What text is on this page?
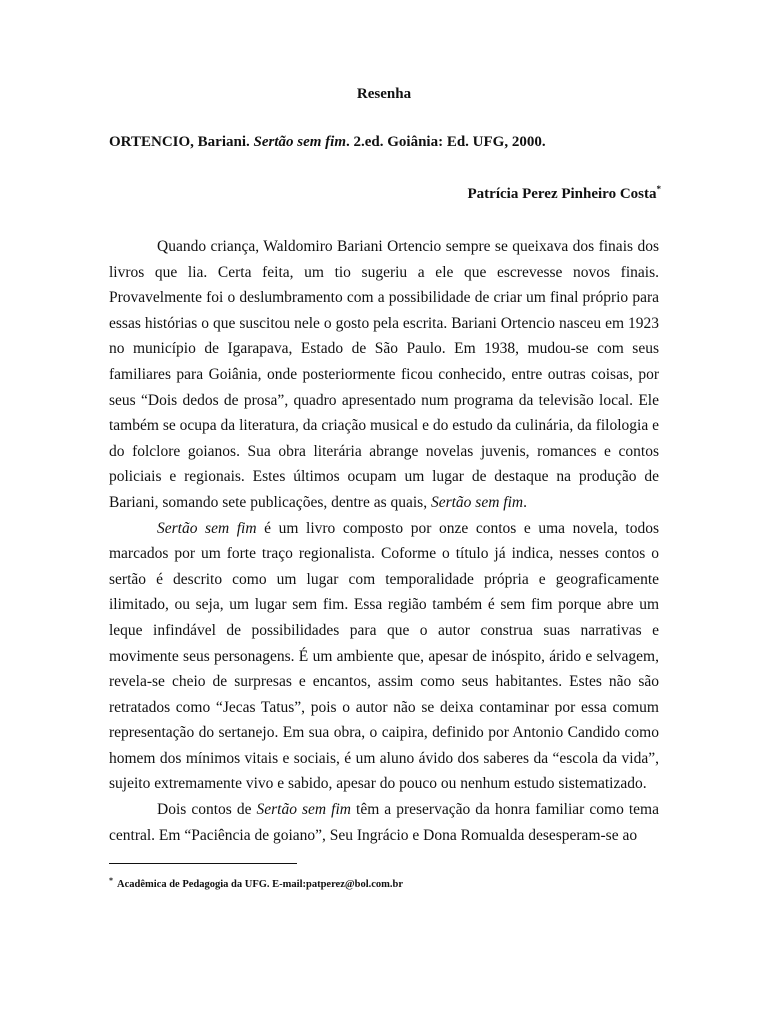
Resenha
ORTENCIO, Bariani. Sertão sem fim. 2.ed. Goiânia: Ed. UFG, 2000.
Patrícia Perez Pinheiro Costa*

Quando criança, Waldomiro Bariani Ortencio sempre se queixava dos finais dos livros que lia. Certa feita, um tio sugeriu a ele que escrevesse novos finais. Provavelmente foi o deslumbramento com a possibilidade de criar um final próprio para essas histórias o que suscitou nele o gosto pela escrita. Bariani Ortencio nasceu em 1923 no município de Igarapava, Estado de São Paulo. Em 1938, mudou-se com seus familiares para Goiânia, onde posteriormente ficou conhecido, entre outras coisas, por seus “Dois dedos de prosa”, quadro apresentado num programa da televisão local. Ele também se ocupa da literatura, da criação musical e do estudo da culinária, da filologia e do folclore goianos. Sua obra literária abrange novelas juvenis, romances e contos policiais e regionais. Estes últimos ocupam um lugar de destaque na produção de Bariani, somando sete publicações, dentre as quais, Sertão sem fim.

Sertão sem fim é um livro composto por onze contos e uma novela, todos marcados por um forte traço regionalista. Coforme o título já indica, nesses contos o sertão é descrito como um lugar com temporalidade própria e geograficamente ilimitado, ou seja, um lugar sem fim. Essa região também é sem fim porque abre um leque infindável de possibilidades para que o autor construa suas narrativas e movimente seus personagens. É um ambiente que, apesar de inóspito, árido e selvagem, revela-se cheio de surpresas e encantos, assim como seus habitantes. Estes não são retratados como “Jecas Tatus”, pois o autor não se deixa contaminar por essa comum representação do sertanejo. Em sua obra, o caipira, definido por Antonio Candido como homem dos mínimos vitais e sociais, é um aluno ávido dos saberes da “escola da vida”, sujeito extremamente vivo e sabido, apesar do pouco ou nenhum estudo sistematizado.

Dois contos de Sertão sem fim têm a preservação da honra familiar como tema central. Em “Paciência de goiano”, Seu Ingrácio e Dona Romualda desesperam-se ao

* Acadêmica de Pedagogia da UFG. E-mail:patperez@bol.com.br
